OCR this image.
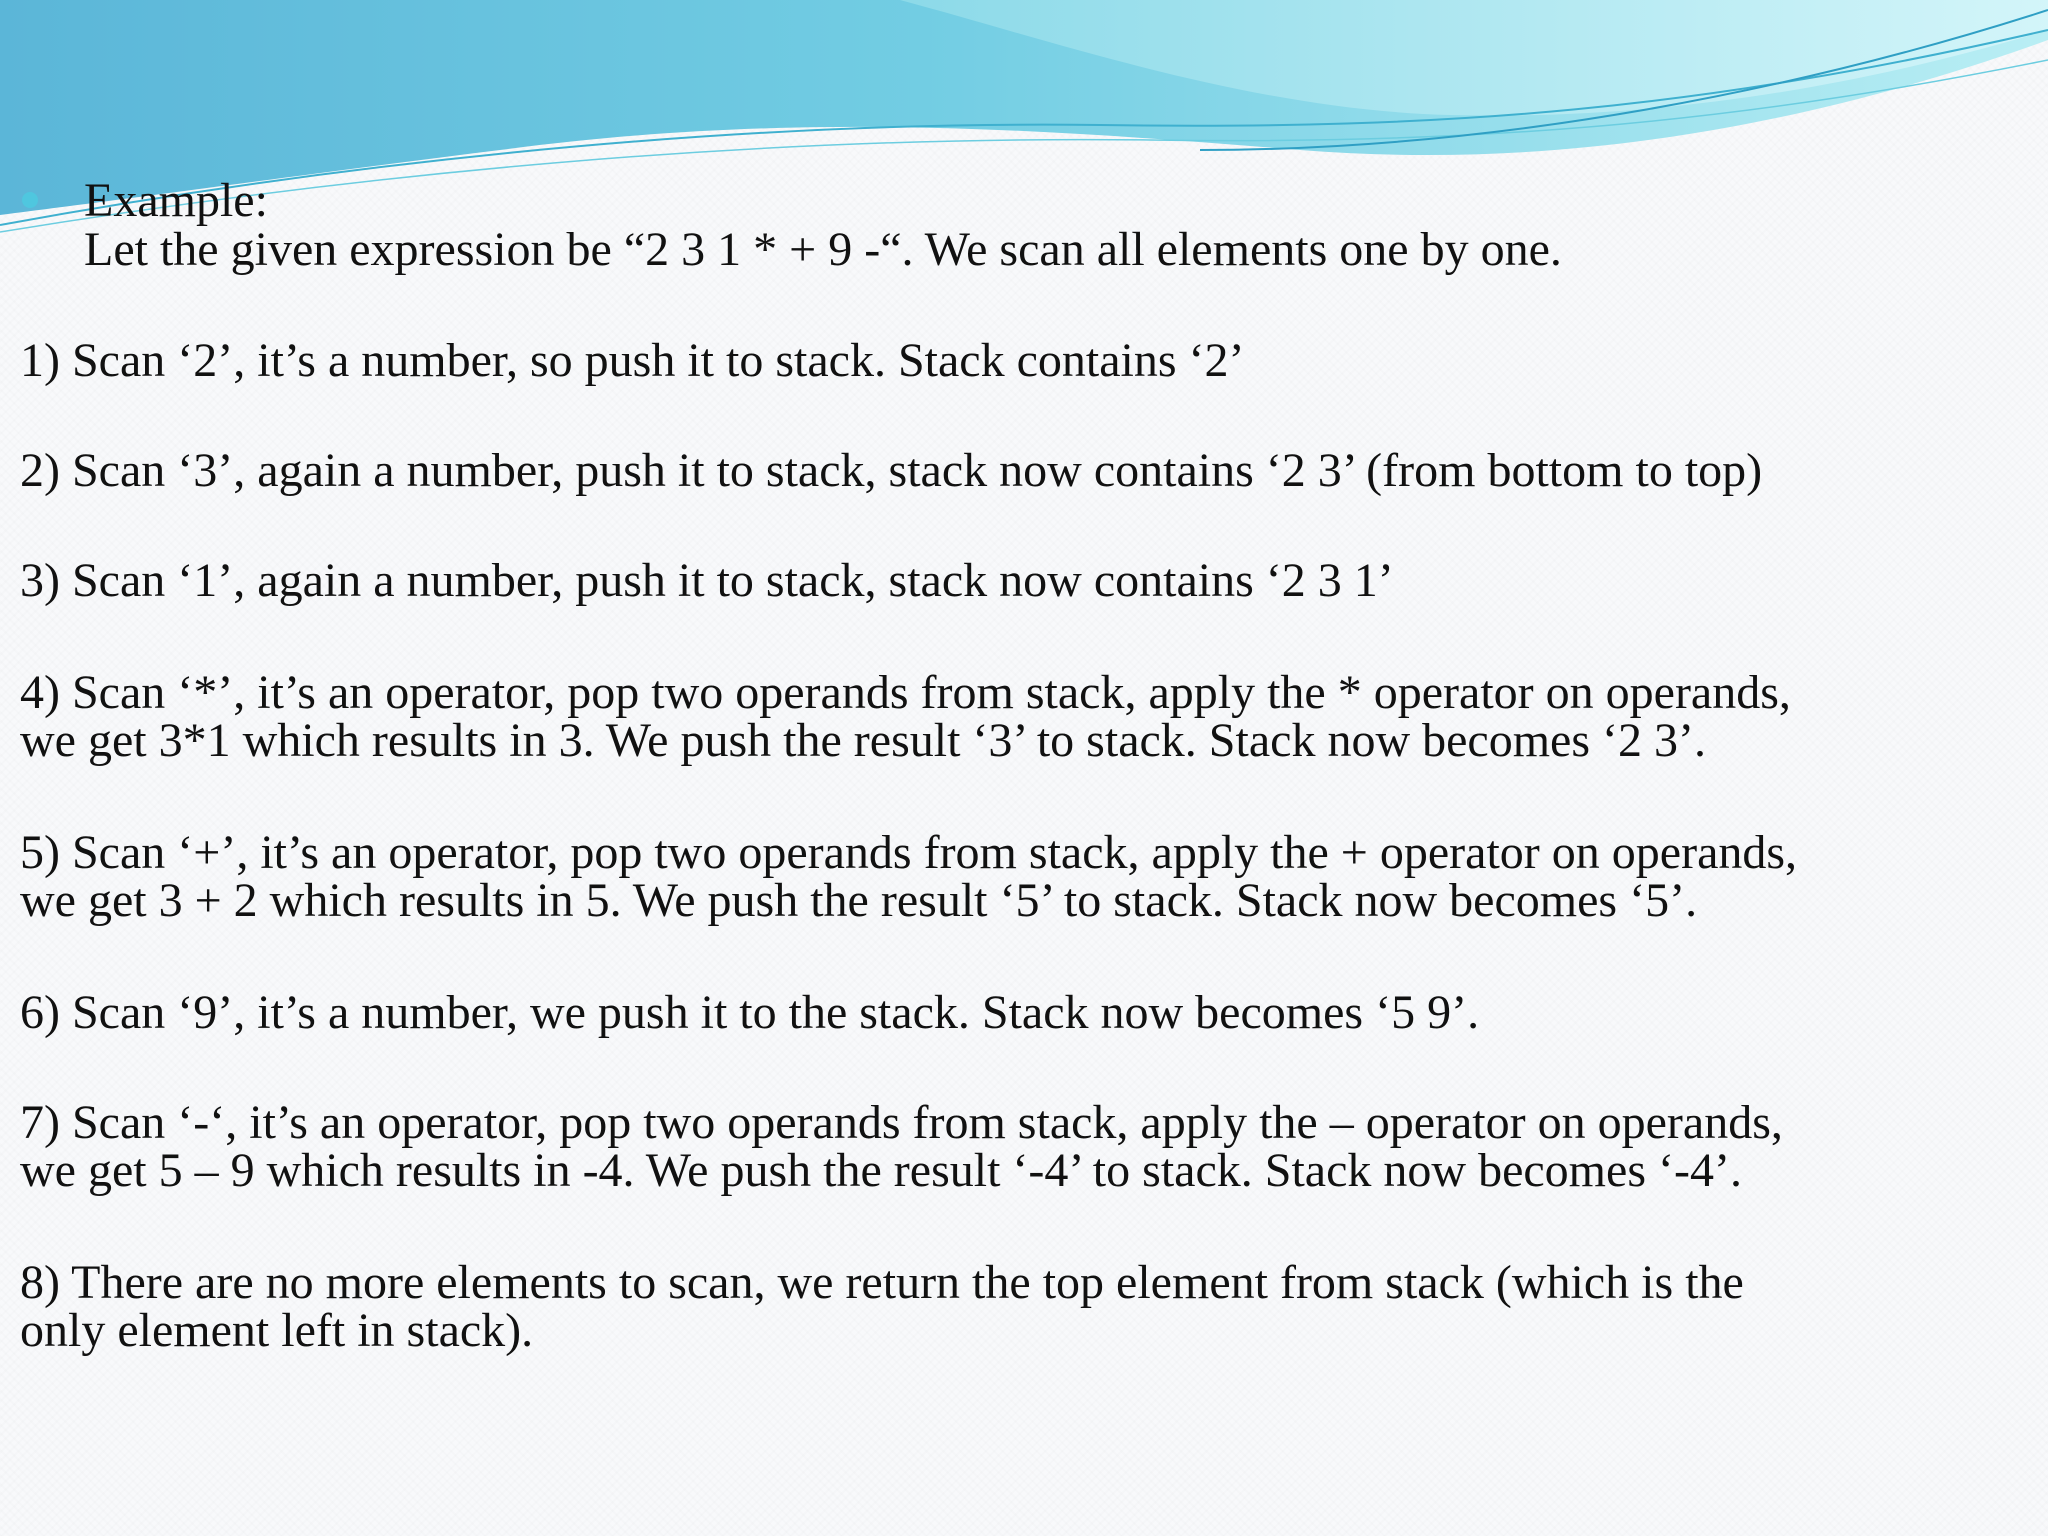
Example:
Let the given expression be “2 3 1 * + 9 -“. We scan all elements one by one.
1) Scan ‘2’, it’s a number, so push it to stack. Stack contains ‘2’
2) Scan ‘3’, again a number, push it to stack, stack now contains ‘2 3’ (from bottom to top)
3) Scan ‘1’, again a number, push it to stack, stack now contains ‘2 3 1’
4) Scan ‘*’, it’s an operator, pop two operands from stack, apply the * operator on operands,
we get 3*1 which results in 3. We push the result ‘3’ to stack. Stack now becomes ‘2 3’.
5) Scan ‘+’, it’s an operator, pop two operands from stack, apply the + operator on operands,
we get 3 + 2 which results in 5. We push the result ‘5’ to stack. Stack now becomes ‘5’.
6) Scan ‘9’, it’s a number, we push it to the stack. Stack now becomes ‘5 9’.
7) Scan ‘-‘, it’s an operator, pop two operands from stack, apply the – operator on operands,
we get 5 – 9 which results in -4. We push the result ‘-4’ to stack. Stack now becomes ‘-4’.
8) There are no more elements to scan, we return the top element from stack (which is the
only element left in stack).
